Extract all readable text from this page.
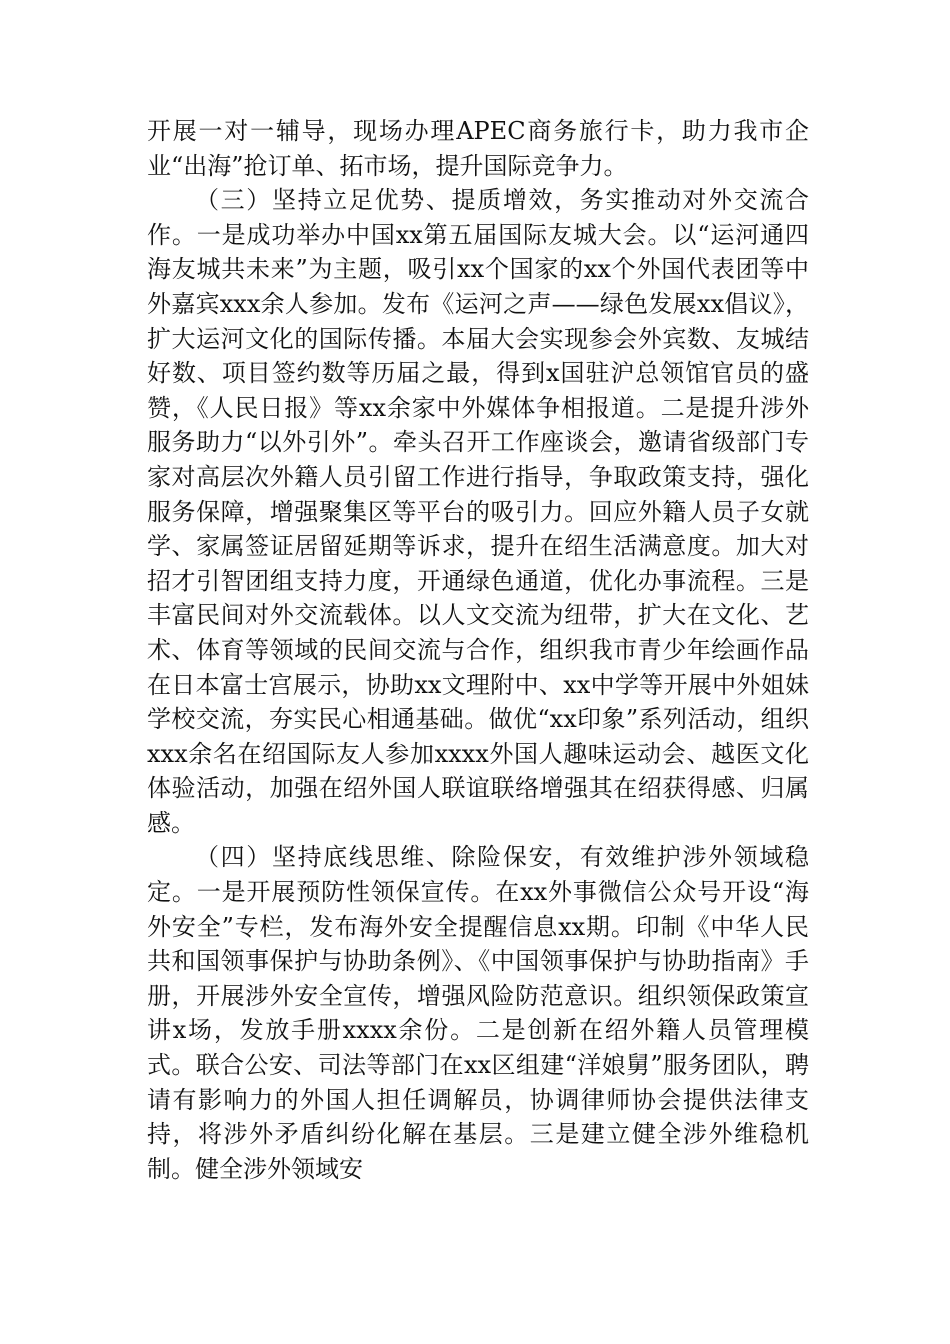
开展一对一辅导，现场办理APEC商务旅行卡，助力我市企业“出海”抢订单、拓市场，提升国际竞争力。

（三）坚持立足优势、提质增效，务实推动对外交流合作。一是成功举办中国xx第五届国际友城大会。以“运河通四海友城共未来”为主题，吸引xx个国家的xx个外国代表团等中外嘉宾xxx余人参加。发布《运河之声——绿色发展xx倡议》，扩大运河文化的国际传播。本届大会实现参会外宾数、友城结好数、项目签约数等历届之最，得到x国驻沪总领馆官员的盛赞，《人民日报》等xx余家中外媒体争相报道。二是提升涉外服务助力“以外引外”。牵头召开工作座谈会，邀请省级部门专家对高层次外籍人员引留工作进行指导，争取政策支持，强化服务保障，增强聚集区等平台的吸引力。回应外籍人员子女就学、家属签证居留延期等诉求，提升在绍生活满意度。加大对招才引智团组支持力度，开通绿色通道，优化办事流程。三是丰富民间对外交流载体。以人文交流为纽带，扩大在文化、艺术、体育等领域的民间交流与合作，组织我市青少年绘画作品在日本富士宫展示，协助xx文理附中、xx中学等开展中外姐妹学校交流，夯实民心相通基础。做优“xx印象”系列活动，组织xxx余名在绍国际友人参加xxxx外国人趣味运动会、越医文化体验活动，加强在绍外国人联谊联络增强其在绍获得感、归属感。

（四）坚持底线思维、除险保安，有效维护涉外领域稳定。一是开展预防性领保宣传。在xx外事微信公众号开设“海外安全”专栏，发布海外安全提醒信息xx期。印制《中华人民共和国领事保护与协助条例》、《中国领事保护与协助指南》手册，开展涉外安全宣传，增强风险防范意识。组织领保政策宣讲x场，发放手册xxxx余份。二是创新在绍外籍人员管理模式。联合公安、司法等部门在xx区组建“洋娘舅”服务团队，聘请有影响力的外国人担任调解员，协调律师协会提供法律支持，将涉外矛盾纠纷化解在基层。三是建立健全涉外维稳机制。健全涉外领域安
